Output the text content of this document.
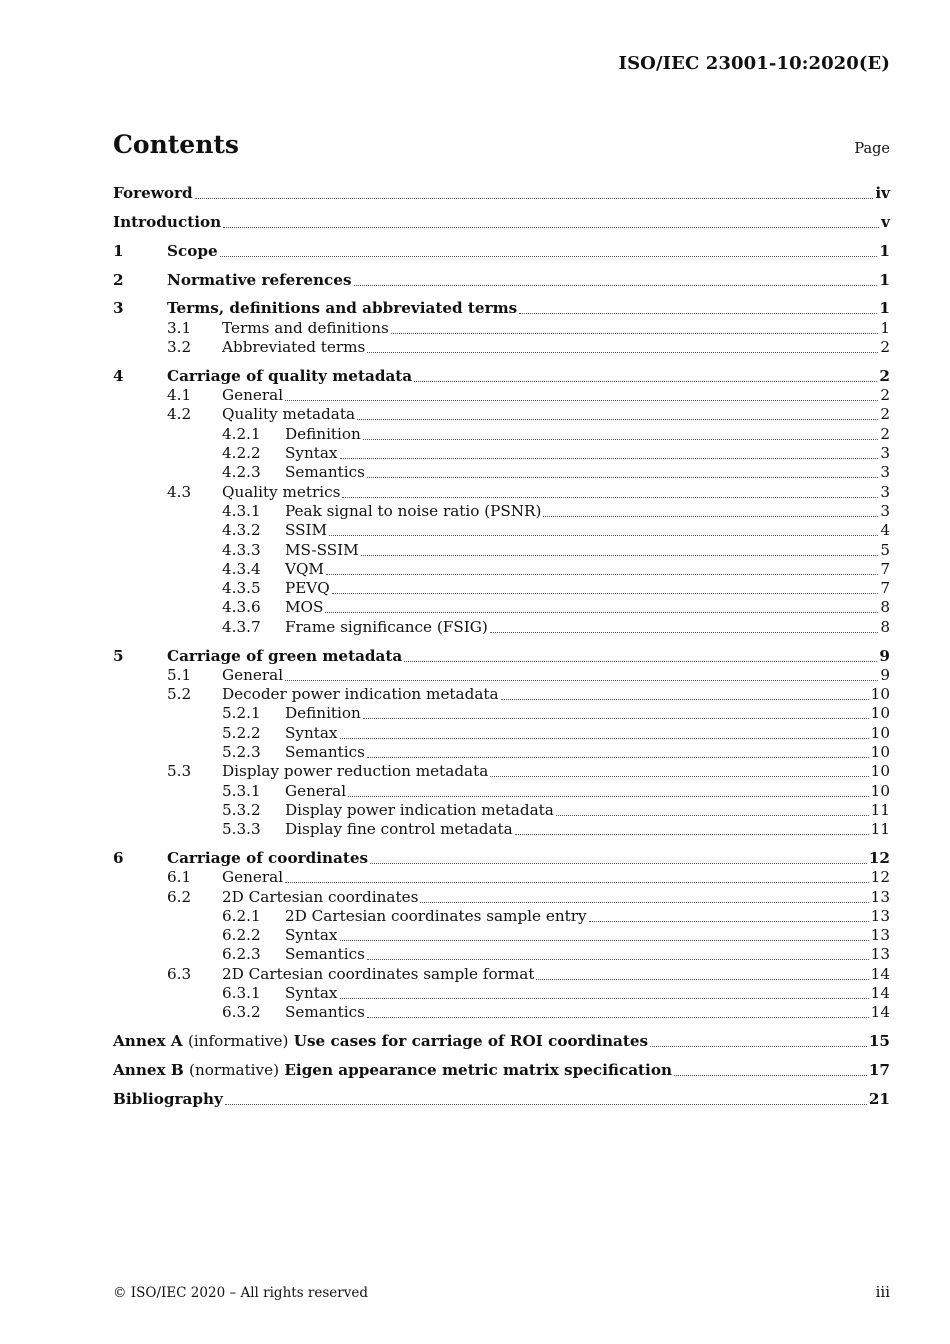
ISO/IEC 23001-10:2020(E)
Contents	Page
Foreword	iv
Introduction	v
1	Scope	1
2	Normative references	1
3	Terms, definitions and abbreviated terms	1
3.1	Terms and definitions	1
3.2	Abbreviated terms	2
4	Carriage of quality metadata	2
4.1	General	2
4.2	Quality metadata	2
4.2.1	Definition	2
4.2.2	Syntax	3
4.2.3	Semantics	3
4.3	Quality metrics	3
4.3.1	Peak signal to noise ratio (PSNR)	3
4.3.2	SSIM	4
4.3.3	MS-SSIM	5
4.3.4	VQM	7
4.3.5	PEVQ	7
4.3.6	MOS	8
4.3.7	Frame significance (FSIG)	8
5	Carriage of green metadata	9
5.1	General	9
5.2	Decoder power indication metadata	10
5.2.1	Definition	10
5.2.2	Syntax	10
5.2.3	Semantics	10
5.3	Display power reduction metadata	10
5.3.1	General	10
5.3.2	Display power indication metadata	11
5.3.3	Display fine control metadata	11
6	Carriage of coordinates	12
6.1	General	12
6.2	2D Cartesian coordinates	13
6.2.1	2D Cartesian coordinates sample entry	13
6.2.2	Syntax	13
6.2.3	Semantics	13
6.3	2D Cartesian coordinates sample format	14
6.3.1	Syntax	14
6.3.2	Semantics	14
Annex A (informative) Use cases for carriage of ROI coordinates	15
Annex B (normative) Eigen appearance metric matrix specification	17
Bibliography	21
© ISO/IEC 2020 – All rights reserved	iii
